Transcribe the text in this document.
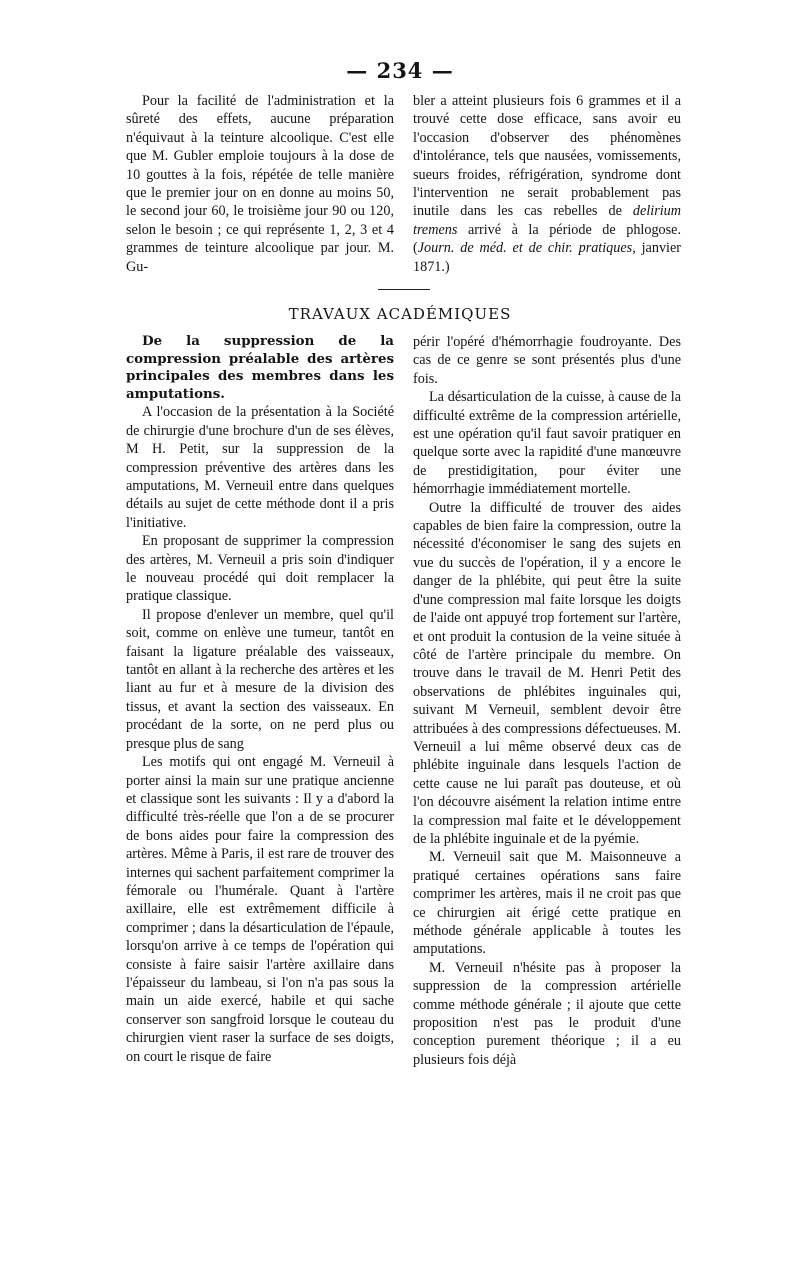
— 234 —

Pour la facilité de l'administration et la sûreté des effets, aucune préparation n'équivaut à la teinture alcoolique. C'est elle que M. Gubler emploie toujours à la dose de 10 gouttes à la fois, répétée de telle manière que le premier jour on en donne au moins 50, le second jour 60, le troisième jour 90 ou 120, selon le besoin ; ce qui représente 1, 2, 3 et 4 grammes de teinture alcoolique par jour. M. Gu-

bler a atteint plusieurs fois 6 grammes et il a trouvé cette dose efficace, sans avoir eu l'occasion d'observer des phénomènes d'intolérance, tels que nausées, vomissements, sueurs froides, réfrigération, syndrome dont l'intervention ne serait probablement pas inutile dans les cas rebelles de delirium tremens arrivé à la période de phlogose. (Journ. de méd. et de chir. pratiques, janvier 1871.)

TRAVAUX ACADÉMIQUES

De la suppression de la compression préalable des artères principales des membres dans les amputations.

A l'occasion de la présentation à la Société de chirurgie d'une brochure d'un de ses élèves, M H. Petit, sur la suppression de la compression préventive des artères dans les amputations, M. Verneuil entre dans quelques détails au sujet de cette méthode dont il a pris l'initiative.

En proposant de supprimer la compression des artères, M. Verneuil a pris soin d'indiquer le nouveau procédé qui doit remplacer la pratique classique.

Il propose d'enlever un membre, quel qu'il soit, comme on enlève une tumeur, tantôt en faisant la ligature préalable des vaisseaux, tantôt en allant à la recherche des artères et les liant au fur et à mesure de la division des tissus, et avant la section des vaisseaux. En procédant de la sorte, on ne perd plus ou presque plus de sang

Les motifs qui ont engagé M. Verneuil à porter ainsi la main sur une pratique ancienne et classique sont les suivants : Il y a d'abord la difficulté très-réelle que l'on a de se procurer de bons aides pour faire la compression des artères. Même à Paris, il est rare de trouver des internes qui sachent parfaitement comprimer la fémorale ou l'humérale. Quant à l'artère axillaire, elle est extrêmement difficile à comprimer ; dans la désarticulation de l'épaule, lorsqu'on arrive à ce temps de l'opération qui consiste à faire saisir l'artère axillaire dans l'épaisseur du lambeau, si l'on n'a pas sous la main un aide exercé, habile et qui sache conserver son sangfroid lorsque le couteau du chirurgien vient raser la surface de ses doigts, on court le risque de faire

périr l'opéré d'hémorrhagie foudroyante. Des cas de ce genre se sont présentés plus d'une fois.

La désarticulation de la cuisse, à cause de la difficulté extrême de la compression artérielle, est une opération qu'il faut savoir pratiquer en quelque sorte avec la rapidité d'une manœuvre de prestidigitation, pour éviter une hémorrhagie immédiatement mortelle.

Outre la difficulté de trouver des aides capables de bien faire la compression, outre la nécessité d'économiser le sang des sujets en vue du succès de l'opération, il y a encore le danger de la phlébite, qui peut être la suite d'une compression mal faite lorsque les doigts de l'aide ont appuyé trop fortement sur l'artère, et ont produit la contusion de la veine située à côté de l'artère principale du membre. On trouve dans le travail de M. Henri Petit des observations de phlébites inguinales qui, suivant M Verneuil, semblent devoir être attribuées à des compressions défectueuses. M. Verneuil a lui même observé deux cas de phlébite inguinale dans lesquels l'action de cette cause ne lui paraît pas douteuse, et où l'on découvre aisément la relation intime entre la compression mal faite et le développement de la phlébite inguinale et de la pyémie.

M. Verneuil sait que M. Maisonneuve a pratiqué certaines opérations sans faire comprimer les artères, mais il ne croit pas que ce chirurgien ait érigé cette pratique en méthode générale applicable à toutes les amputations.

M. Verneuil n'hésite pas à proposer la suppression de la compression artérielle comme méthode générale ; il ajoute que cette proposition n'est pas le produit d'une conception purement théorique ; il a eu plusieurs fois déjà
